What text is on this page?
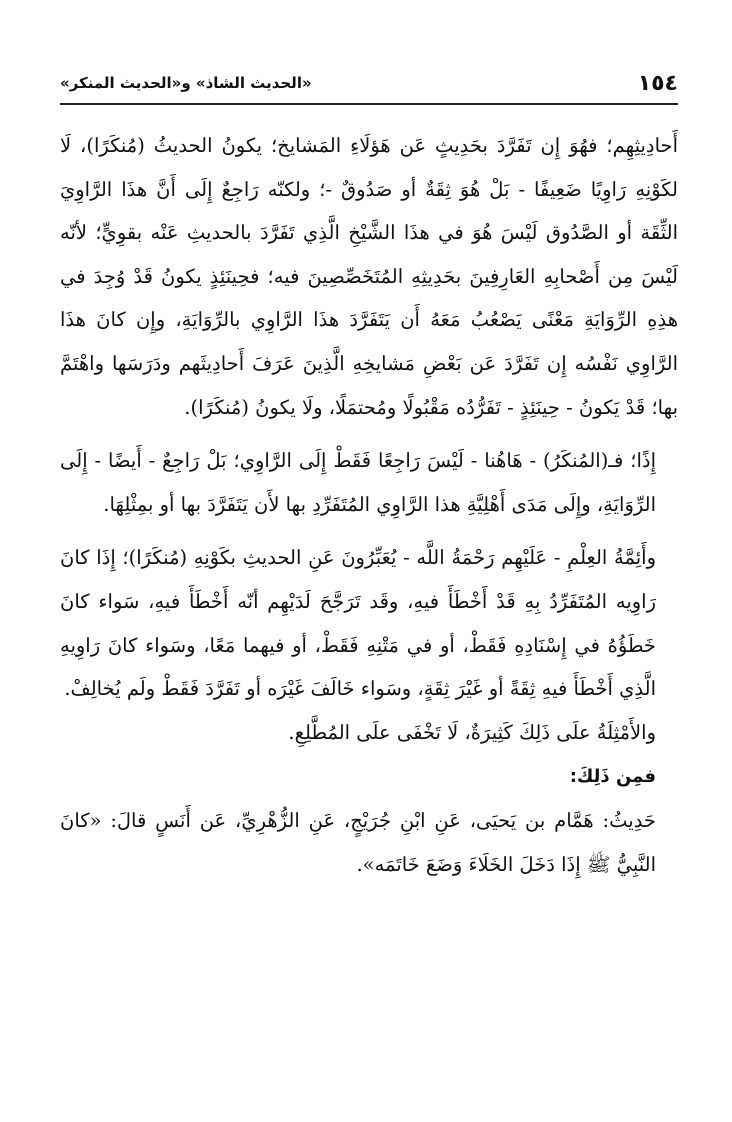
١٥٤
«الحديث الشاذ» و«الحديث المنكر»

أَحادِيثِهِم؛ فهُوَ إِن تَفَرَّدَ بحَدِيثٍ عَن هَؤلَاءِ المَشايخ؛ يكونُ الحديثُ (مُنكَرًا)، لَا لكَوْنِهِ رَاوِيًا ضَعِيفًا - بَلْ هُوَ ثِقَةٌ أو صَدُوقٌ -؛ ولكنّه رَاجِعٌ إِلَى أَنَّ هذَا الرَّاوِيَ الثِّقَة أو الصَّدُوق لَيْسَ هُوَ في هذَا الشَّيْخِ الَّذِي تَفَرَّدَ بالحديثِ عَنْه بقوِيٍّ؛ لأنّه لَيْسَ مِن أَصْحابِهِ العَارِفِينَ بحَدِيثِهِ المُتَخَصِّصِينَ فيه؛ فحِينَئِذٍ يكونُ قَدْ وُجِدَ في هذِهِ الرِّوَايَةِ مَعْنًى يَصْعُبُ مَعَهُ أَن يَتَفَرَّدَ هذَا الرَّاوِي بالرِّوَايَةِ، وإِن كانَ هذَا الرَّاوِي نَفْسُه إِن تَفَرَّدَ عَن بَعْضِ مَشايخِهِ الَّذِينَ عَرَفَ أَحادِيثَهم ودَرَسَها واهْتَمَّ بها؛ قَدْ يَكونُ - حِينَئِذٍ - تَفَرُّدُه مَقْبُولًا ومُحتمَلًا، ولَا يكونُ (مُنكَرًا).

إِذًا؛ فـ(المُنكَرُ) - هَاهُنا - لَيْسَ رَاجِعًا فَقَطْ إِلَى الرَّاوِي؛ بَلْ رَاجِعٌ - أَيضًا - إِلَى الرِّوَايَةِ، وإِلَى مَدَى أَهْلِيَّةِ هذا الرَّاوِي المُتَفَرِّدِ بها لأَن يَتَفَرَّدَ بها أو بمِثْلِهَا.

وأَئِمَّةُ العِلْمِ - عَلَيْهِم رَحْمَةُ اللَّه - يُعَبِّرُونَ عَنِ الحديثِ بكَوْنِهِ (مُنكَرًا)؛ إِذَا كانَ رَاوِيه المُتَفَرِّدُ بِهِ قَدْ أَخْطَأَ فيهِ، وقَد تَرَجَّحَ لَدَيْهِم أنّه أَخْطَأَ فيهِ، سَواء كانَ خَطَؤُهُ في إِسْنَادِهِ فَقَطْ، أو في مَتْنِهِ فَقَطْ، أو فيهما مَعًا، وسَواء كانَ رَاوِيهِ الَّذِي أَخْطَأَ فيهِ ثِقَةً أو غَيْرَ ثِقَةٍ، وسَواء خَالَفَ غَيْرَه أو تَفَرَّدَ فَقَطْ ولَم يُخالِفْ.

والأَمْثِلَةُ علَى ذَلِكَ كَثِيرَةٌ، لَا تَخْفَى علَى المُطَّلِعِ.

فمِن ذَلِكَ:

حَدِيثُ: هَمَّام بن يَحيَى، عَنِ ابْنِ جُرَيْجٍ، عَنِ الزُّهْرِيِّ، عَن أَنَسٍ قالَ: «كانَ النَّبِيُّ ﷺ إِذَا دَخَلَ الخَلَاءَ وَضَعَ خَاتَمَه».
